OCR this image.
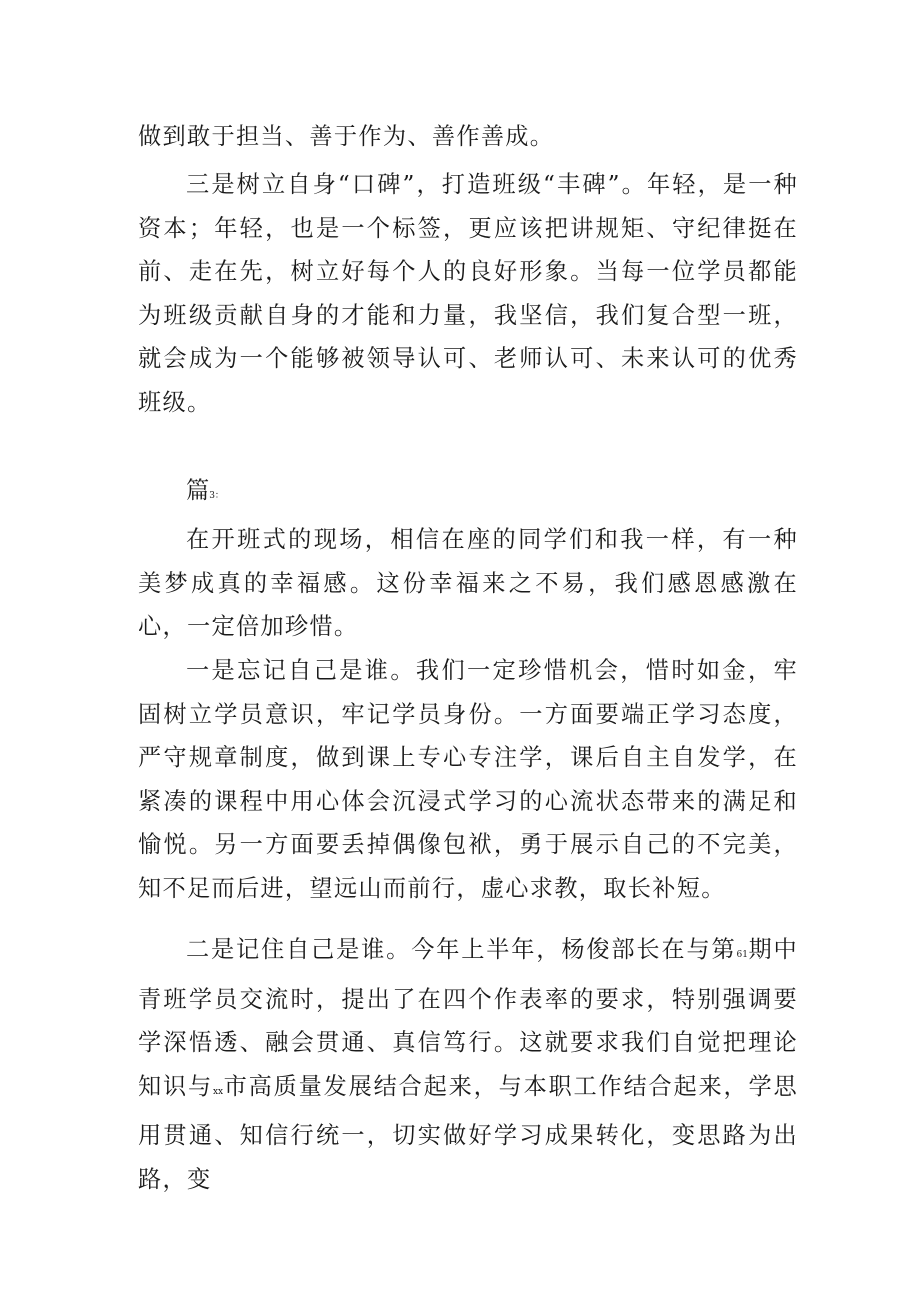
做到敢于担当、善于作为、善作善成。

三是树立自身“口碑”，打造班级“丰碑”。年轻，是一种资本；年轻，也是一个标签，更应该把讲规矩、守纪律挺在前、走在先，树立好每个人的良好形象。当每一位学员都能为班级贡献自身的才能和力量，我坚信，我们复合型一班，就会成为一个能够被领导认可、老师认可、未来认可的优秀班级。

篇3：

在开班式的现场，相信在座的同学们和我一样，有一种美梦成真的幸福感。这份幸福来之不易，我们感恩感激在心，一定倍加珍惜。

一是忘记自己是谁。我们一定珍惜机会，惜时如金，牢固树立学员意识，牢记学员身份。一方面要端正学习态度，严守规章制度，做到课上专心专注学，课后自主自发学，在紧凑的课程中用心体会沉浸式学习的心流状态带来的满足和愉悦。另一方面要丢掉偶像包袱，勇于展示自己的不完美，知不足而后进，望远山而前行，虚心求教，取长补短。

二是记住自己是谁。今年上半年，杨俊部长在与第61期中青班学员交流时，提出了在四个作表率的要求，特别强调要学深悟透、融会贯通、真信笃行。这就要求我们自觉把理论知识与xx市高质量发展结合起来，与本职工作结合起来，学思用贯通、知信行统一，切实做好学习成果转化，变思路为出路，变
